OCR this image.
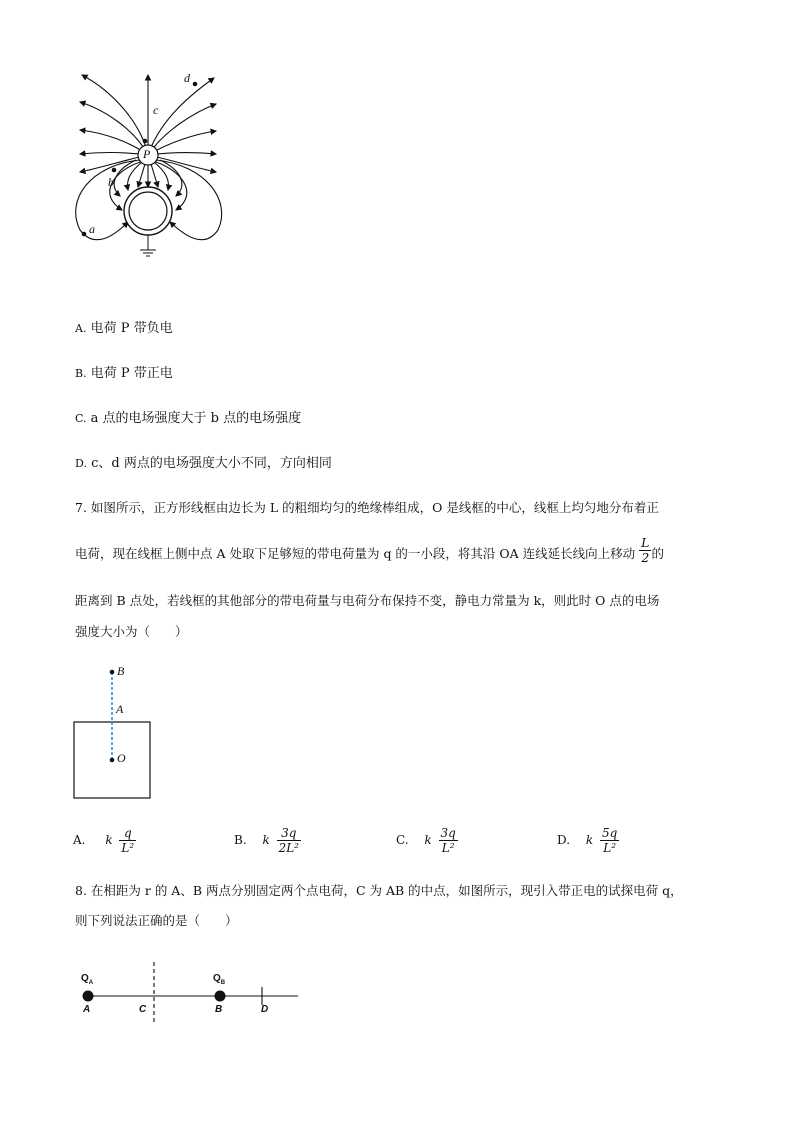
P
d
c
b
a
A. 电荷 P 带负电
B. 电荷 P 带正电
C. a 点的电场强度大于 b 点的电场强度
D. c、d 两点的电场强度大小不同，方向相同
7. 如图所示，正方形线框由边长为 L 的粗细均匀的绝缘棒组成，O 是线框的中心，线框上均匀地分布着正
电荷，现在线框上侧中点 A 处取下足够短的带电荷量为 q 的一小段，将其沿 OA 连线延长线向上移动 $\frac{L}{2}$ 的
距离到 B 点处，若线框的其他部分的带电荷量与电荷分布保持不变，静电力常量为 k，则此时 O 点的电场
强度大小为（　　）
B
A
O
A. k $\frac{q}{\text{L²}}$	B. k $\frac{3q}{\text{2L²}}$	C. k $\frac{3q}{\text{L²}}$	D. k $\frac{5q}{\text{L²}}$
8. 在相距为 r 的 A、B 两点分别固定两个点电荷，C 为 AB 的中点，如图所示，现引入带正电的试探电荷 q，
则下列说法正确的是（　　）
$Q_A$	$Q_B$
A	C	B	D
